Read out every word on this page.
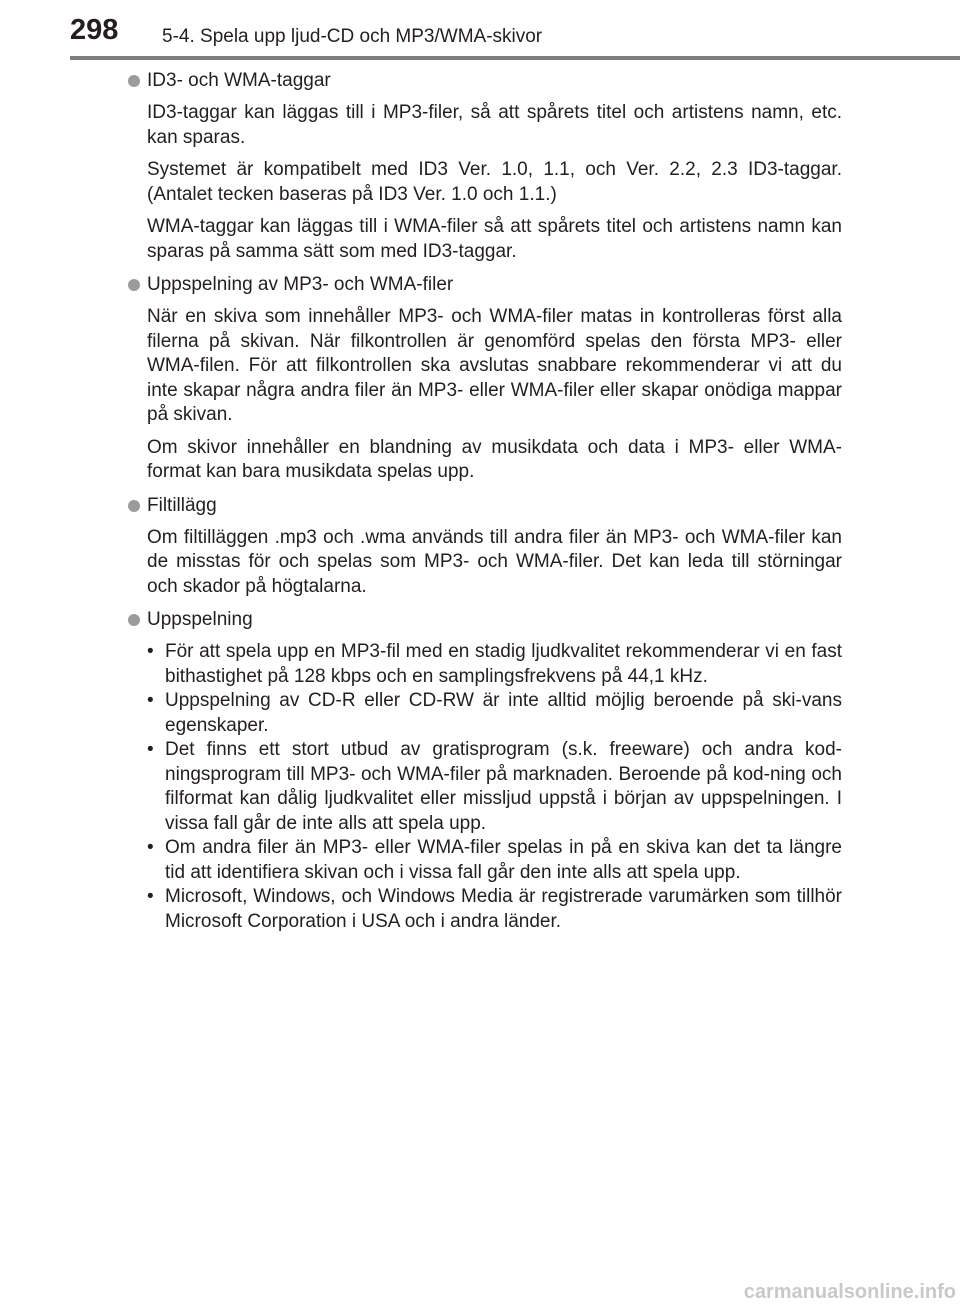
298 5-4. Spela upp ljud-CD och MP3/WMA-skivor
ID3- och WMA-taggar

ID3-taggar kan läggas till i MP3-filer, så att spårets titel och artistens namn, etc. kan sparas.

Systemet är kompatibelt med ID3 Ver. 1.0, 1.1, och Ver. 2.2, 2.3 ID3-taggar. (Antalet tecken baseras på ID3 Ver. 1.0 och 1.1.)

WMA-taggar kan läggas till i WMA-filer så att spårets titel och artistens namn kan sparas på samma sätt som med ID3-taggar.

Uppspelning av MP3- och WMA-filer

När en skiva som innehåller MP3- och WMA-filer matas in kontrolleras först alla filerna på skivan. När filkontrollen är genomförd spelas den första MP3- eller WMA-filen. För att filkontrollen ska avslutas snabbare rekommenderar vi att du inte skapar några andra filer än MP3- eller WMA-filer eller skapar onödiga mappar på skivan.

Om skivor innehåller en blandning av musikdata och data i MP3- eller WMA-format kan bara musikdata spelas upp.

Filtillägg

Om filtilläggen .mp3 och .wma används till andra filer än MP3- och WMA-filer kan de misstas för och spelas som MP3- och WMA-filer. Det kan leda till störningar och skador på högtalarna.

Uppspelning
• För att spela upp en MP3-fil med en stadig ljudkvalitet rekommenderar vi en fast bithastighet på 128 kbps och en samplingsfrekvens på 44,1 kHz.
• Uppspelning av CD-R eller CD-RW är inte alltid möjlig beroende på ski-vans egenskaper.
• Det finns ett stort utbud av gratisprogram (s.k. freeware) och andra kod-ningsprogram till MP3- och WMA-filer på marknaden. Beroende på kod-ning och filformat kan dålig ljudkvalitet eller missljud uppstå i början av uppspelningen. I vissa fall går de inte alls att spela upp.
• Om andra filer än MP3- eller WMA-filer spelas in på en skiva kan det ta längre tid att identifiera skivan och i vissa fall går den inte alls att spela upp.
• Microsoft, Windows, och Windows Media är registrerade varumärken som tillhör Microsoft Corporation i USA och i andra länder.
carmanualsonline.info
